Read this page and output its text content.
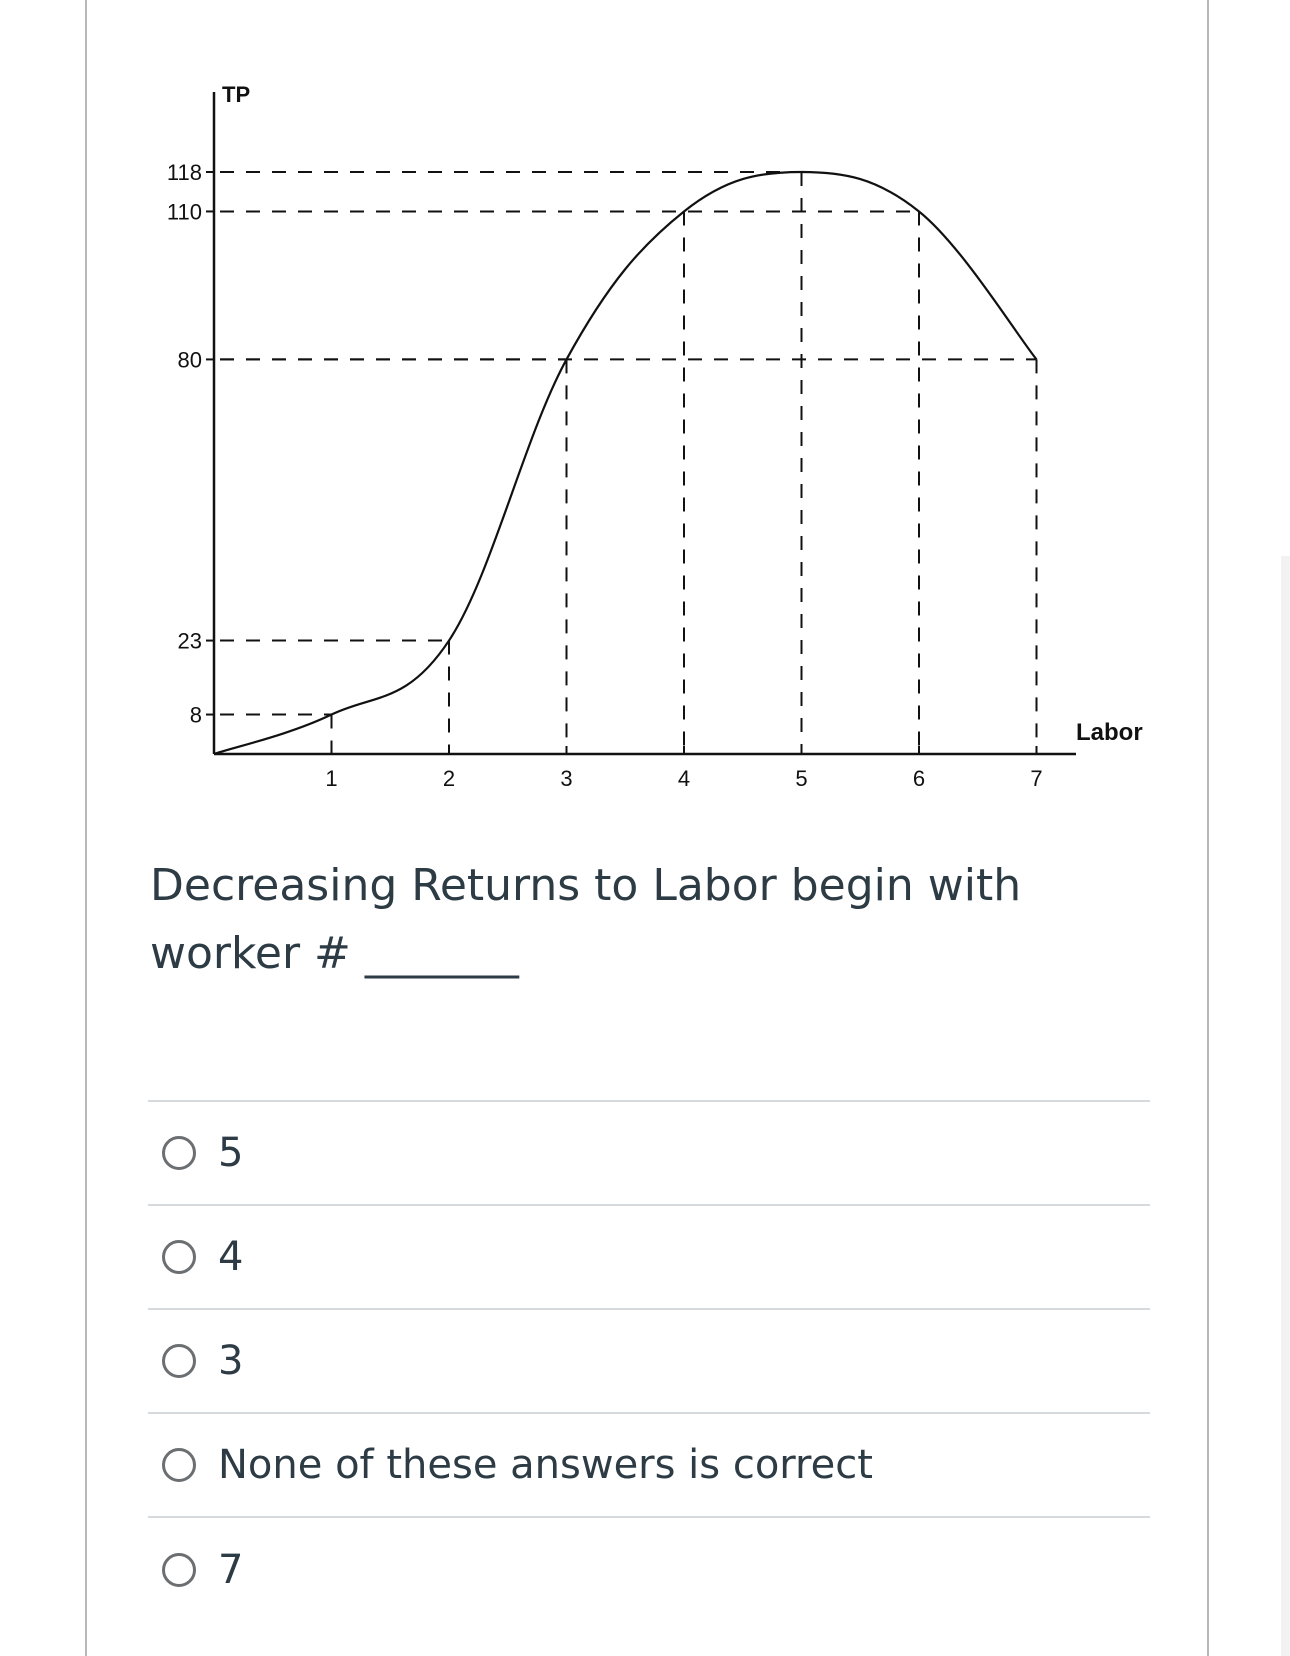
8
23
80
110
118
1	2	3	4	5	6	7
TP
Labor

Decreasing Returns to Labor begin with worker # _______

5
4
3
None of these answers is correct
7
